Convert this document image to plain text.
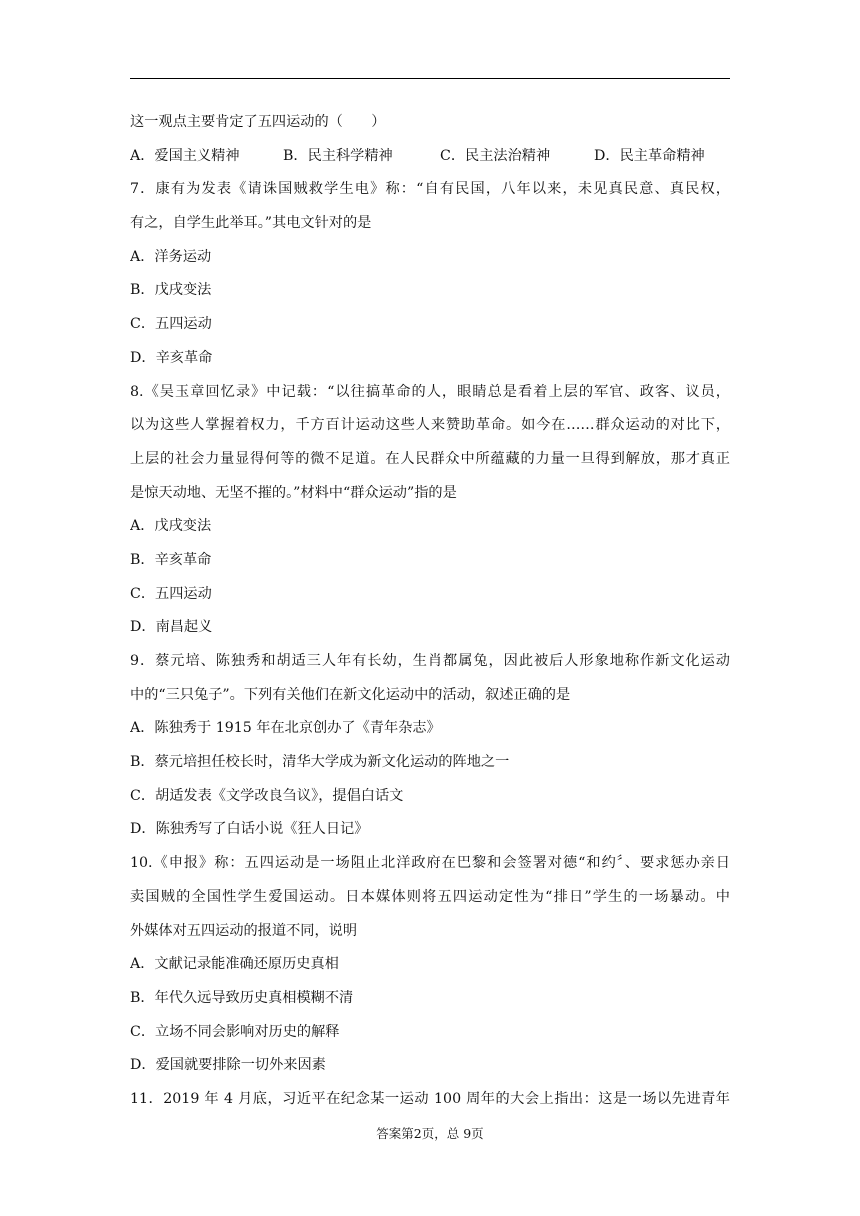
这一观点主要肯定了五四运动的（　　）
A．爱国主义精神	B．民主科学精神	C．民主法治精神	D．民主革命精神
7．康有为发表《请诛国贼救学生电》称：“自有民国，八年以来，未见真民意、真民权，
有之，自学生此举耳。”其电文针对的是
A．洋务运动
B．戊戌变法
C．五四运动
D．辛亥革命
8.《吴玉章回忆录》中记载：“以往搞革命的人，眼睛总是看着上层的军官、政客、议员，
以为这些人掌握着权力，千方百计运动这些人来赞助革命。如今在……群众运动的对比下，
上层的社会力量显得何等的微不足道。在人民群众中所蕴藏的力量一旦得到解放，那才真正
是惊天动地、无坚不摧的。”材料中“群众运动”指的是
A．戊戌变法
B．辛亥革命
C．五四运动
D．南昌起义
9．蔡元培、陈独秀和胡适三人年有长幼，生肖都属兔，因此被后人形象地称作新文化运动
中的“三只兔子”。下列有关他们在新文化运动中的活动，叙述正确的是
A．陈独秀于 1915 年在北京创办了《青年杂志》
B．蔡元培担任校长时，清华大学成为新文化运动的阵地之一
C．胡适发表《文学改良刍议》，提倡白话文
D．陈独秀写了白话小说《狂人日记》
10.《申报》称：五四运动是一场阻止北洋政府在巴黎和会签署对德“和约〞、要求惩办亲日
卖国贼的全国性学生爱国运动。日本媒体则将五四运动定性为“排日”学生的一场暴动。中
外媒体对五四运动的报道不同，说明
A．文献记录能准确还原历史真相
B．年代久远导致历史真相模糊不清
C．立场不同会影响对历史的解释
D．爱国就要排除一切外来因素
11．2019 年 4 月底，习近平在纪念某一运动 100 周年的大会上指出：这是一场以先进青年
答案第2页，总 9页
